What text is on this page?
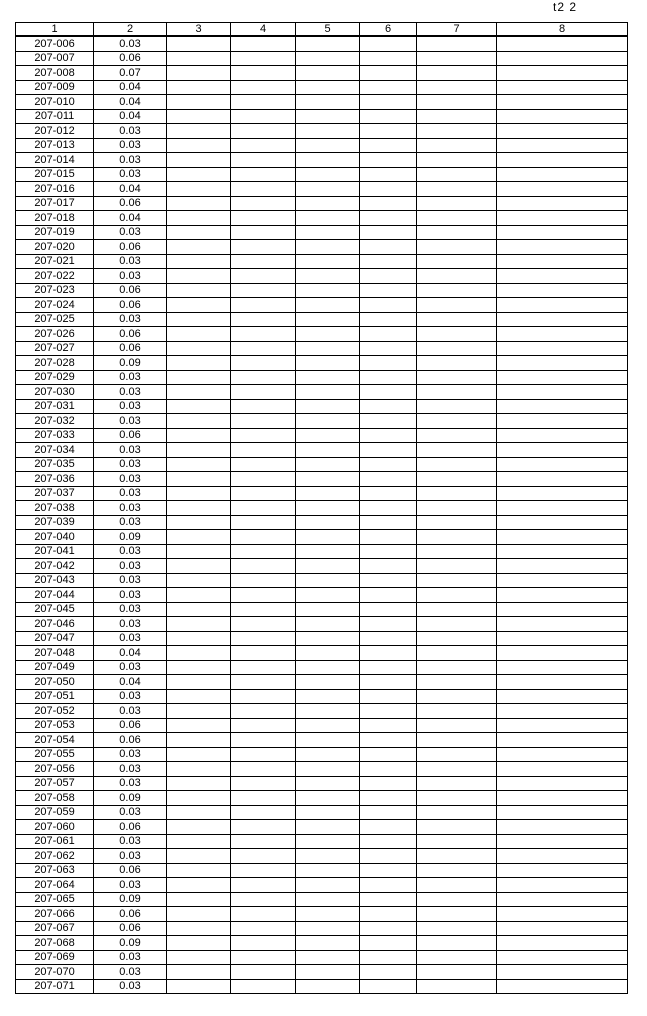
t2 2
1	2	3	4	5	6	7	8
207-006	0.03						
207-007	0.06						
207-008	0.07						
207-009	0.04						
207-010	0.04						
207-011	0.04						
207-012	0.03						
207-013	0.03						
207-014	0.03						
207-015	0.03						
207-016	0.04						
207-017	0.06						
207-018	0.04						
207-019	0.03						
207-020	0.06						
207-021	0.03						
207-022	0.03						
207-023	0.06						
207-024	0.06						
207-025	0.03						
207-026	0.06						
207-027	0.06						
207-028	0.09						
207-029	0.03						
207-030	0.03						
207-031	0.03						
207-032	0.03						
207-033	0.06						
207-034	0.03						
207-035	0.03						
207-036	0.03						
207-037	0.03						
207-038	0.03						
207-039	0.03						
207-040	0.09						
207-041	0.03						
207-042	0.03						
207-043	0.03						
207-044	0.03						
207-045	0.03						
207-046	0.03						
207-047	0.03						
207-048	0.04						
207-049	0.03						
207-050	0.04						
207-051	0.03						
207-052	0.03						
207-053	0.06						
207-054	0.06						
207-055	0.03						
207-056	0.03						
207-057	0.03						
207-058	0.09						
207-059	0.03						
207-060	0.06						
207-061	0.03						
207-062	0.03						
207-063	0.06						
207-064	0.03						
207-065	0.09						
207-066	0.06						
207-067	0.06						
207-068	0.09						
207-069	0.03						
207-070	0.03						
207-071	0.03						
